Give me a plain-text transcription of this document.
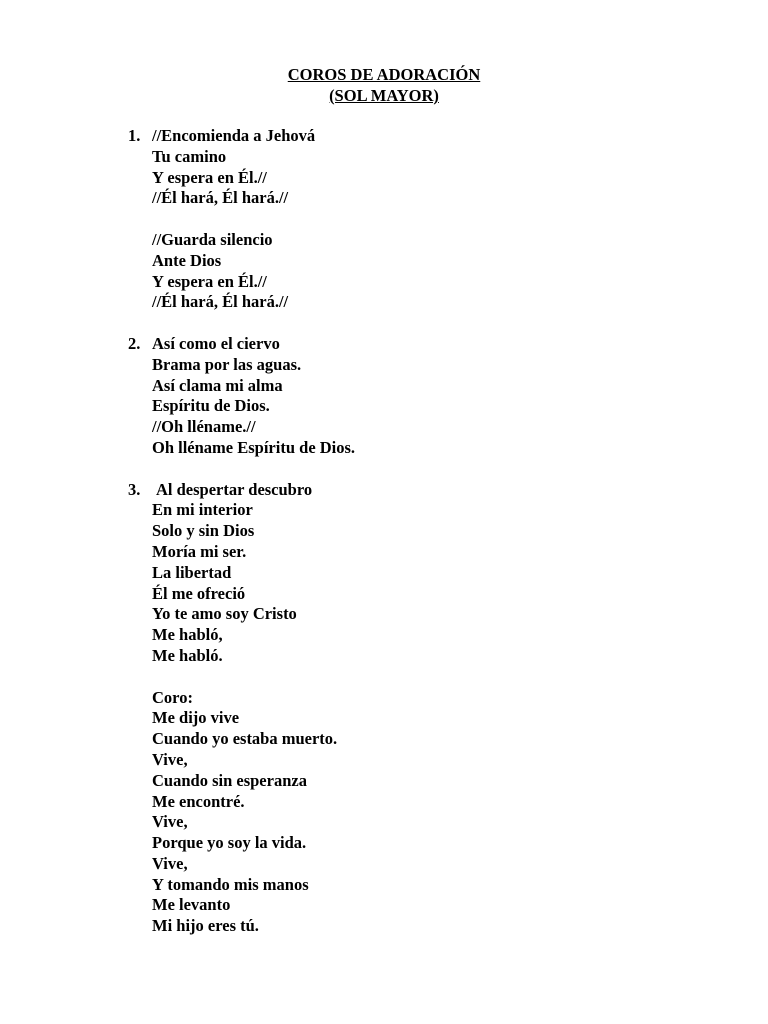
COROS DE ADORACIÓN
(SOL MAYOR)
1. //Encomienda a Jehová
Tu camino
Y espera en Él.//
//Él hará, Él hará.//
//Guarda silencio
Ante Dios
Y espera en Él.//
//Él hará, Él hará.//
2. Así como el ciervo
Brama por las aguas.
Así clama mi alma
Espíritu de Dios.
//Oh lléname.//
Oh lléname Espíritu de Dios.
3. Al despertar descubro
En mi interior
Solo y sin Dios
Moría mi ser.
La libertad
Él me ofreció
Yo te amo soy Cristo
Me habló,
Me habló.
Coro:
Me dijo vive
Cuando yo estaba muerto.
Vive,
Cuando sin esperanza
Me encontré.
Vive,
Porque yo soy la vida.
Vive,
Y tomando mis manos
Me levanto
Mi hijo eres tú.
